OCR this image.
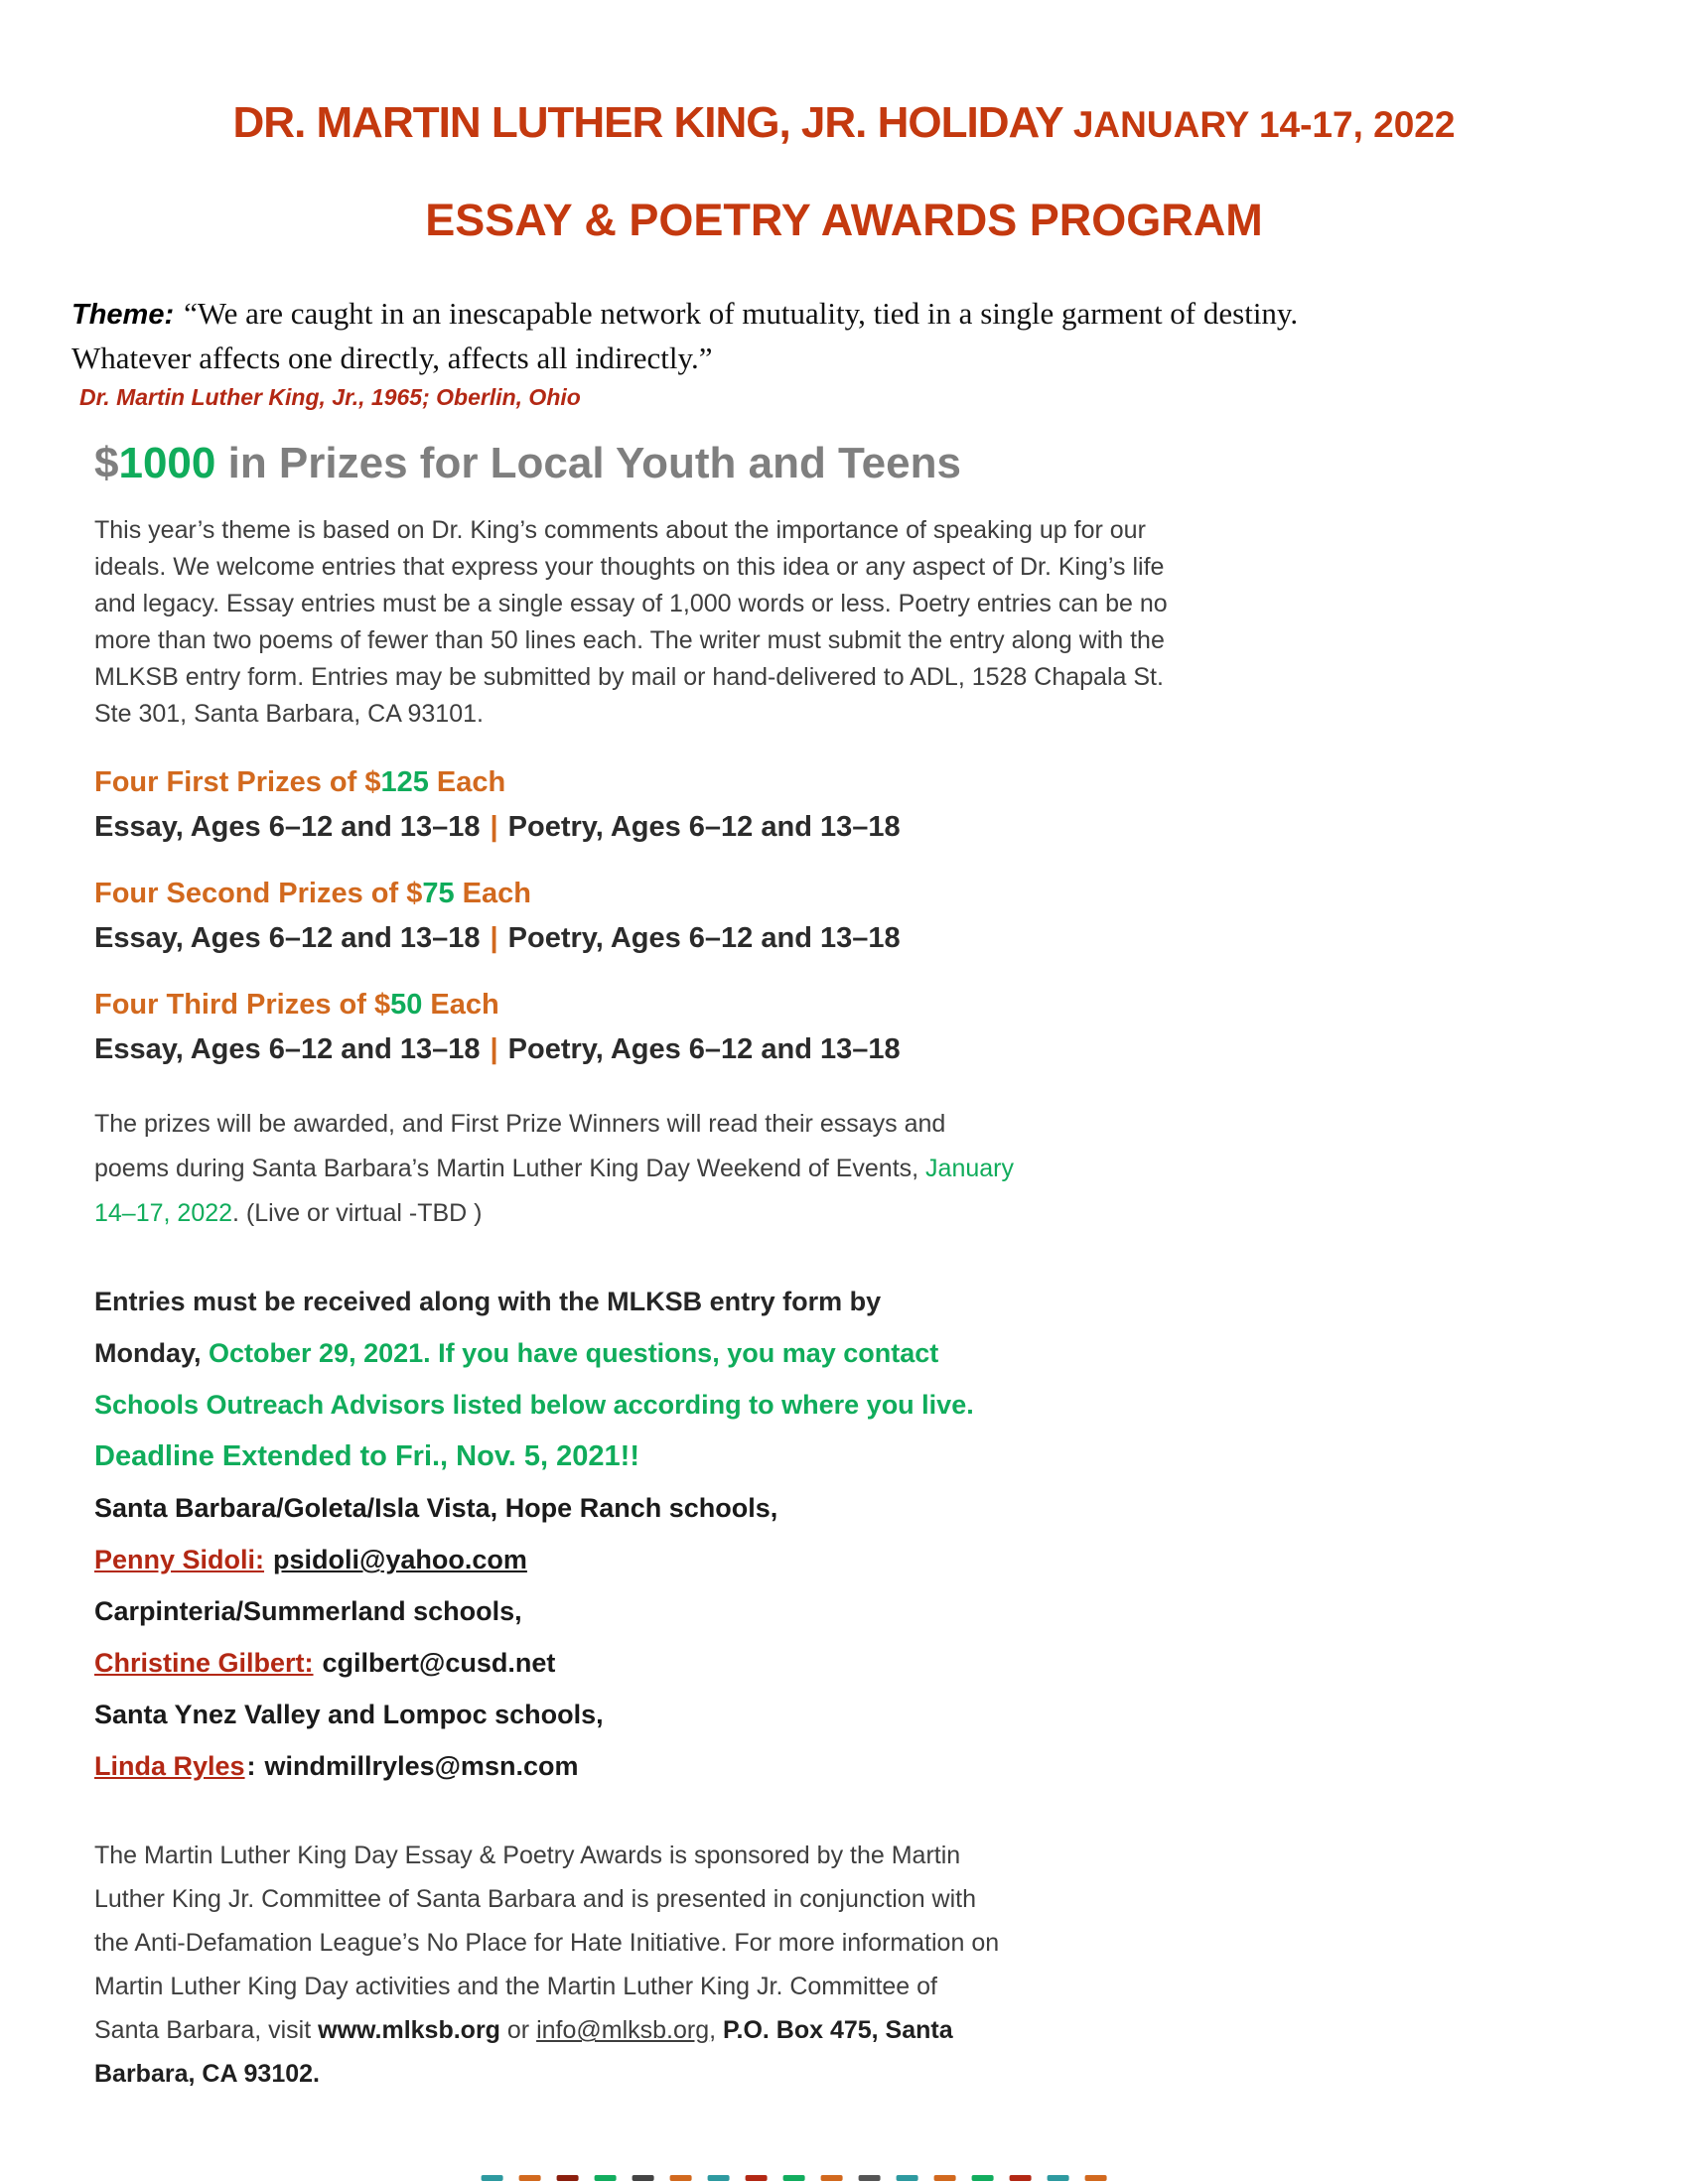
DR. MARTIN LUTHER KING, JR. HOLIDAY JANUARY 14-17, 2022
ESSAY & POETRY AWARDS PROGRAM

Theme: “We are caught in an inescapable network of mutuality, tied in a single garment of destiny. Whatever affects one directly, affects all indirectly.”

Dr. Martin Luther King, Jr., 1965; Oberlin, Ohio

$1000 in Prizes for Local Youth and Teens

This year’s theme is based on Dr. King’s comments about the importance of speaking up for our ideals. We welcome entries that express your thoughts on this idea or any aspect of Dr. King’s life and legacy. Essay entries must be a single essay of 1,000 words or less. Poetry entries can be no more than two poems of fewer than 50 lines each. The writer must submit the entry along with the MLKSB entry form. Entries may be submitted by mail or hand-delivered to ADL, 1528 Chapala St. Ste 301, Santa Barbara, CA 93101.

Four First Prizes of $125 Each

Essay, Ages 6–12 and 13–18 | Poetry, Ages 6–12 and 13–18

Four Second Prizes of $75 Each

Essay, Ages 6–12 and 13–18 | Poetry, Ages 6–12 and 13–18

Four Third Prizes of $50 Each

Essay, Ages 6–12 and 13–18 | Poetry, Ages 6–12 and 13–18

The prizes will be awarded, and First Prize Winners will read their essays and poems during Santa Barbara’s Martin Luther King Day Weekend of Events, January 14–17, 2022. (Live or virtual -TBD )

Entries must be received along with the MLKSB entry form by Monday, October 29, 2021. If you have questions, you may contact Schools Outreach Advisors listed below according to where you live.

Deadline Extended to Fri., Nov. 5, 2021!!

Santa Barbara/Goleta/Isla Vista, Hope Ranch schools,

Penny Sidoli: psidoli@yahoo.com

Carpinteria/Summerland schools,

Christine Gilbert: cgilbert@cusd.net

Santa Ynez Valley and Lompoc schools,

Linda Ryles: windmillryles@msn.com

The Martin Luther King Day Essay & Poetry Awards is sponsored by the Martin Luther King Jr. Committee of Santa Barbara and is presented in conjunction with the Anti-Defamation League’s No Place for Hate Initiative. For more information on Martin Luther King Day activities and the Martin Luther King Jr. Committee of Santa Barbara, visit www.mlksb.org or info@mlksb.org, P.O. Box 475, Santa Barbara, CA 93102.
